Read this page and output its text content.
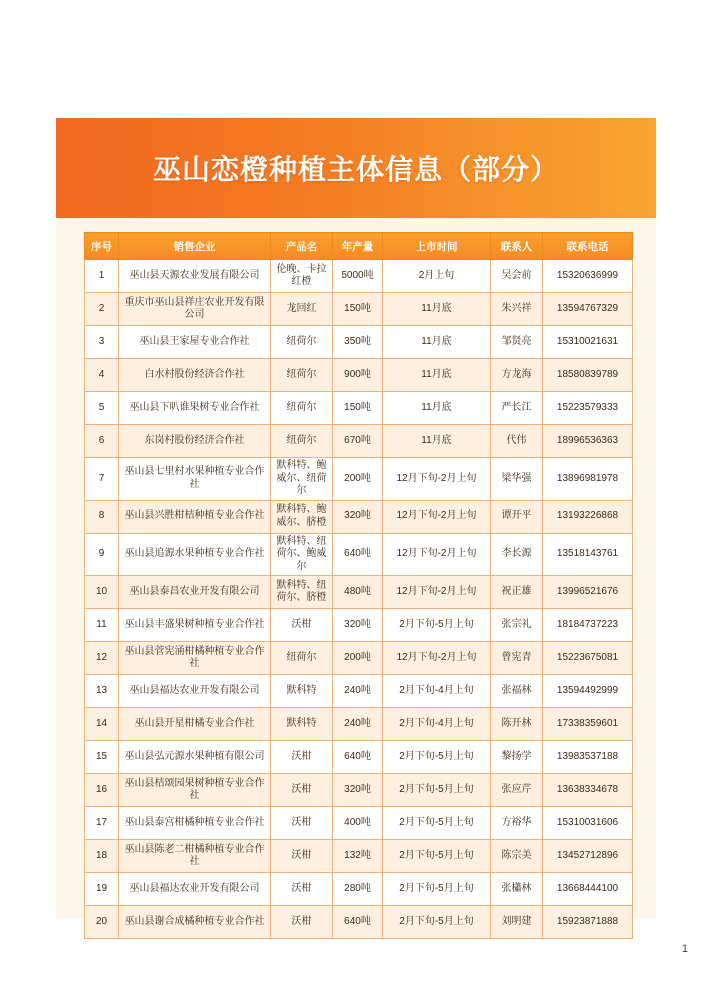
巫山恋橙种植主体信息（部分）
序号	销售企业	产品名	年产量	上市时间	联系人	联系电话
1	巫山县天源农业发展有限公司	伦晚、卡拉红橙	5000吨	2月上旬	吴会前	15320636999
2	重庆市巫山县祥庄农业开发有限公司	龙回红	150吨	11月底	朱兴祥	13594767329
3	巫山县王家屋专业合作社	纽荷尔	350吨	11月底	邹贤亮	15310021631
4	白水村股份经济合作社	纽荷尔	900吨	11月底	方龙海	18580839789
5	巫山县下叭谁果树专业合作社	纽荷尔	150吨	11月底	严长江	15223579333
6	东岗村股份经济合作社	纽荷尔	670吨	11月底	代伟	18996536363
7	巫山县七里村水果种植专业合作社	默科特、鲍威尔、纽荷尔	200吨	12月下旬-2月上旬	梁华强	13896981978
8	巫山县兴胜柑桔种植专业合作社	默科特、鲍威尔、脐橙	320吨	12月下旬-2月上旬	谭开平	13193226868
9	巫山县追源水果种植专业合作社	默科特、纽荷尔、鲍威尔	640吨	12月下旬-2月上旬	李长源	13518143761
10	巫山县泰昌农业开发有限公司	默科特、纽荷尔、脐橙	480吨	12月下旬-2月上旬	祝正雄	13996521676
11	巫山县丰盛果树种植专业合作社	沃柑	320吨	2月下旬-5月上旬	张宗礼	18184737223
12	巫山县菅宪涌柑橘种植专业合作社	纽荷尔	200吨	12月下旬-2月上旬	曾宪青	15223675081
13	巫山县福达农业开发有限公司	默科特	240吨	2月下旬-4月上旬	张福林	13594492999
14	巫山县开星柑橘专业合作社	默科特	240吨	2月下旬-4月上旬	陈开林	17338359601
15	巫山县弘元源水果种植有限公司	沃柑	640吨	2月下旬-5月上旬	黎扬学	13983537188
16	巫山县桔颂园果树种植专业合作社	沃柑	320吨	2月下旬-5月上旬	张应芹	13638334678
17	巫山县泰宫柑橘种植专业合作社	沃柑	400吨	2月下旬-5月上旬	方裕华	15310031606
18	巫山县陈老二柑橘种植专业合作社	沃柑	132吨	2月下旬-5月上旬	陈宗美	13452712896
19	巫山县福达农业开发有限公司	沃柑	280吨	2月下旬-5月上旬	张櫹林	13668444100
20	巫山县谢合成橘种植专业合作社	沃柑	640吨	2月下旬-5月上旬	刘明建	15923871888
1
